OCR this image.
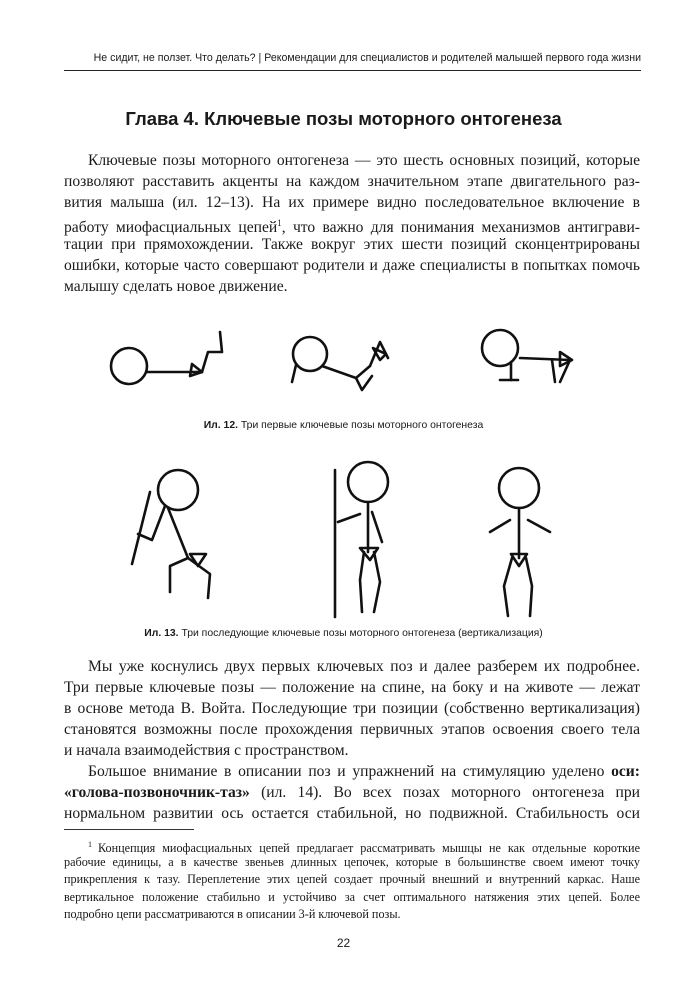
Не сидит, не ползет. Что делать? | Рекомендации для специалистов и родителей малышей первого года жизни
Глава 4. Ключевые позы моторного онтогенеза
Ключевые позы моторного онтогенеза — это шесть основных позиций, которые
позволяют расставить акценты на каждом значительном этапе двигательного раз-
вития малыша (ил. 12–13). На их примере видно последовательное включение в
работу миофасциальных цепей$^1$, что важно для понимания механизмов антиграви-
тации при прямохождении. Также вокруг этих шести позиций сконцентрированы
ошибки, которые часто совершают родители и даже специалисты в попытках помочь
малышу сделать новое движение.
Ил. 12. Три первые ключевые позы моторного онтогенеза
Ил. 13. Три последующие ключевые позы моторного онтогенеза (вертикализация)
Мы уже коснулись двух первых ключевых поз и далее разберем их подробнее.
Три первые ключевые позы — положение на спине, на боку и на животе — лежат
в основе метода В. Войта. Последующие три позиции (собственно вертикализация)
становятся возможны после прохождения первичных этапов освоения своего тела
и начала взаимодействия с пространством.
Большое внимание в описании поз и упражнений на стимуляцию уделено оси:
«голова-позвоночник-таз» (ил. 14). Во всех позах моторного онтогенеза при
нормальном развитии ось остается стабильной, но подвижной. Стабильность оси
$^1$ Концепция миофасциальных цепей предлагает рассматривать мышцы не как отдельные короткие
рабочие единицы, а в качестве звеньев длинных цепочек, которые в большинстве своем имеют точку
прикрепления к тазу. Переплетение этих цепей создает прочный внешний и внутренний каркас. Наше
вертикальное положение стабильно и устойчиво за счет оптимального натяжения этих цепей. Более
подробно цепи рассматриваются в описании 3-й ключевой позы.
22
